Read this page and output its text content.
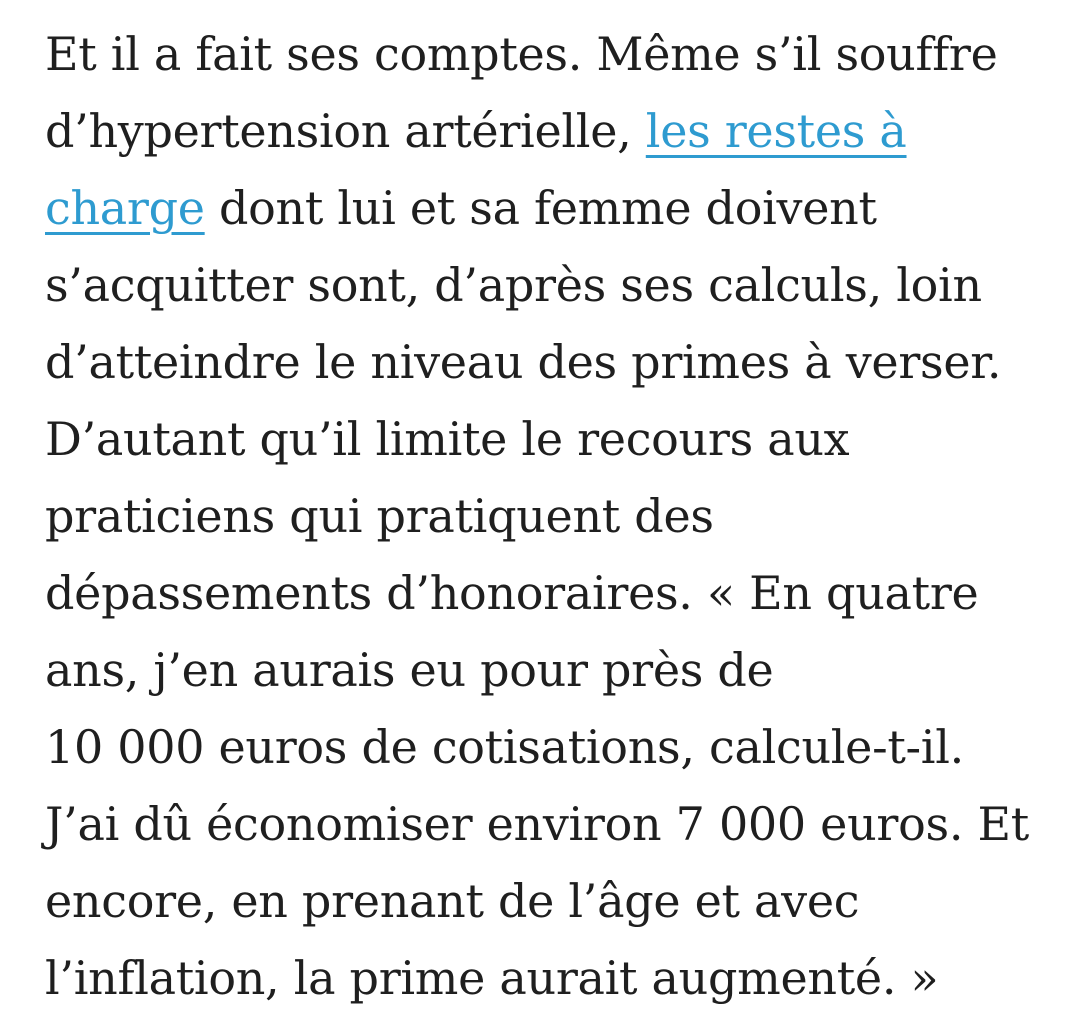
Et il a fait ses comptes. Même s’il souffre
d’hypertension artérielle, les restes à
charge dont lui et sa femme doivent
s’acquitter sont, d’après ses calculs, loin
d’atteindre le niveau des primes à verser.
D’autant qu’il limite le recours aux
praticiens qui pratiquent des
dépassements d’honoraires. « En quatre
ans, j’en aurais eu pour près de
10 000 euros de cotisations, calcule-t-il.
J’ai dû économiser environ 7 000 euros. Et
encore, en prenant de l’âge et avec
l’inflation, la prime aurait augmenté. »
